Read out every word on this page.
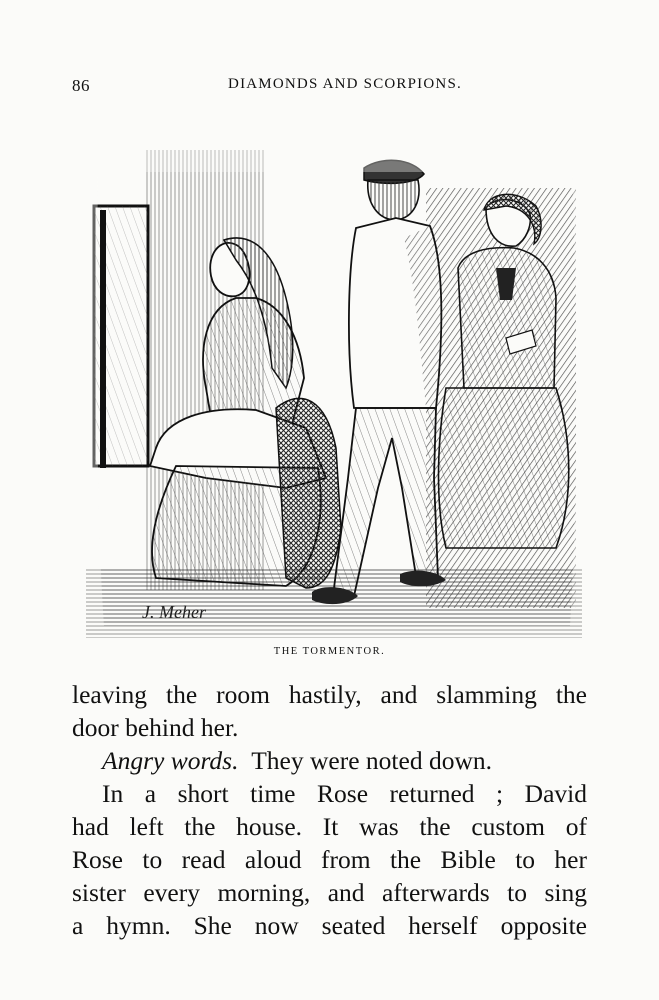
86	DIAMONDS AND SCORPIONS.
J. Meher
THE TORMENTOR.
leaving the room hastily, and slamming the
door behind her.
Angry words. They were noted down.
In a short time Rose returned ; David
had left the house. It was the custom of
Rose to read aloud from the Bible to her
sister every morning, and afterwards to sing
a hymn. She now seated herself opposite
